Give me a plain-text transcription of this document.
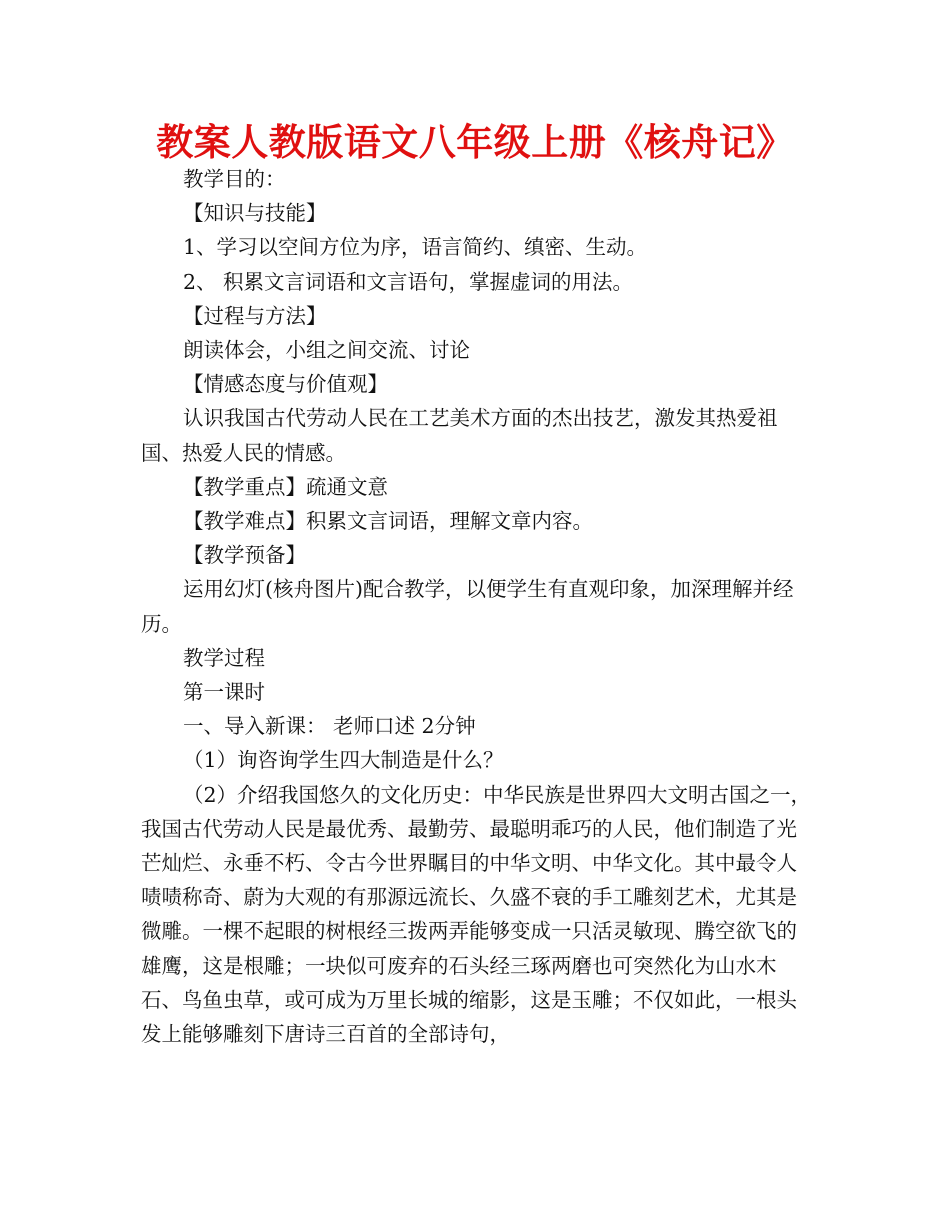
教案人教版语文八年级上册《核舟记》

教学目的：

【知识与技能】

1、学习以空间方位为序，语言简约、缜密、生动。

2、 积累文言词语和文言语句，掌握虚词的用法。

【过程与方法】

朗读体会，小组之间交流、讨论

【情感态度与价值观】

认识我国古代劳动人民在工艺美术方面的杰出技艺，激发其热爱祖国、热爱人民的情感。

【教学重点】疏通文意

【教学难点】积累文言词语，理解文章内容。

【教学预备】

运用幻灯(核舟图片)配合教学，以便学生有直观印象，加深理解并经历。

教学过程

第一课时

一、导入新课： 老师口述 2分钟

（1）询咨询学生四大制造是什么？

（2）介绍我国悠久的文化历史：中华民族是世界四大文明古国之一，我国古代劳动人民是最优秀、最勤劳、最聪明乖巧的人民，他们制造了光芒灿烂、永垂不朽、令古今世界瞩目的中华文明、中华文化。其中最令人啧啧称奇、蔚为大观的有那源远流长、久盛不衰的手工雕刻艺术，尤其是微雕。一棵不起眼的树根经三拨两弄能够变成一只活灵敏现、腾空欲飞的雄鹰，这是根雕；一块似可废弃的石头经三琢两磨也可突然化为山水木石、鸟鱼虫草，或可成为万里长城的缩影，这是玉雕；不仅如此，一根头发上能够雕刻下唐诗三百首的全部诗句，
